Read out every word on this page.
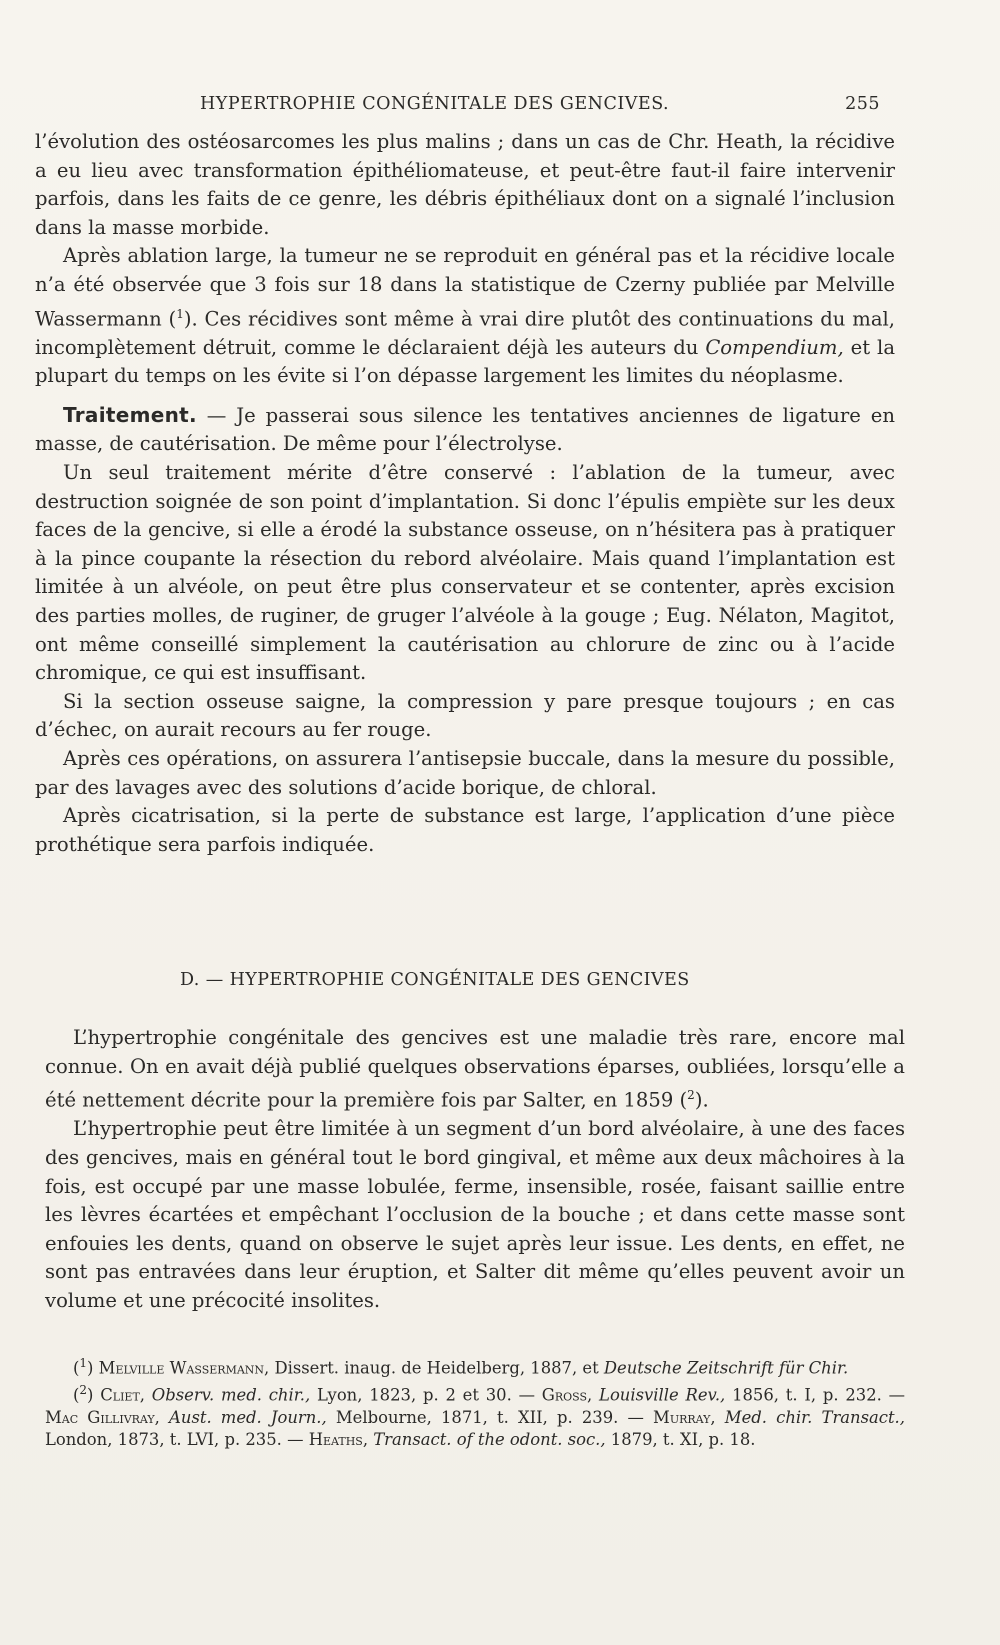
HYPERTROPHIE CONGÉNITALE DES GENCIVES.	255

l’évolution des ostéosarcomes les plus malins ; dans un cas de Chr. Heath, la récidive a eu lieu avec transformation épithéliomateuse, et peut-être faut-il faire intervenir parfois, dans les faits de ce genre, les débris épithéliaux dont on a signalé l’inclusion dans la masse morbide.

Après ablation large, la tumeur ne se reproduit en général pas et la récidive locale n’a été observée que 3 fois sur 18 dans la statistique de Czerny publiée par Melville Wassermann ($^1$). Ces récidives sont même à vrai dire plutôt des continuations du mal, incomplètement détruit, comme le déclaraient déjà les auteurs du Compendium, et la plupart du temps on les évite si l’on dépasse largement les limites du néoplasme.

Traitement. — Je passerai sous silence les tentatives anciennes de ligature en masse, de cautérisation. De même pour l’électrolyse.

Un seul traitement mérite d’être conservé : l’ablation de la tumeur, avec destruction soignée de son point d’implantation. Si donc l’épulis empiète sur les deux faces de la gencive, si elle a érodé la substance osseuse, on n’hésitera pas à pratiquer à la pince coupante la résection du rebord alvéolaire. Mais quand l’implantation est limitée à un alvéole, on peut être plus conservateur et se contenter, après excision des parties molles, de ruginer, de gruger l’alvéole à la gouge ; Eug. Nélaton, Magitot, ont même conseillé simplement la cautérisation au chlorure de zinc ou à l’acide chromique, ce qui est insuffisant.

Si la section osseuse saigne, la compression y pare presque toujours ; en cas d’échec, on aurait recours au fer rouge.

Après ces opérations, on assurera l’antisepsie buccale, dans la mesure du possible, par des lavages avec des solutions d’acide borique, de chloral.

Après cicatrisation, si la perte de substance est large, l’application d’une pièce prothétique sera parfois indiquée.

D. — HYPERTROPHIE CONGÉNITALE DES GENCIVES

L’hypertrophie congénitale des gencives est une maladie très rare, encore mal connue. On en avait déjà publié quelques observations éparses, oubliées, lorsqu’elle a été nettement décrite pour la première fois par Salter, en 1859 ($^2$).

L’hypertrophie peut être limitée à un segment d’un bord alvéolaire, à une des faces des gencives, mais en général tout le bord gingival, et même aux deux mâchoires à la fois, est occupé par une masse lobulée, ferme, insensible, rosée, faisant saillie entre les lèvres écartées et empêchant l’occlusion de la bouche ; et dans cette masse sont enfouies les dents, quand on observe le sujet après leur issue. Les dents, en effet, ne sont pas entravées dans leur éruption, et Salter dit même qu’elles peuvent avoir un volume et une précocité insolites.

($^1$) Melville Wassermann, Dissert. inaug. de Heidelberg, 1887, et Deutsche Zeitschrift für Chir.

($^2$) Cliet, Observ. med. chir., Lyon, 1823, p. 2 et 30. — Gross, Louisville Rev., 1856, t. I, p. 232. — Mac Gillivray, Aust. med. Journ., Melbourne, 1871, t. XII, p. 239. — Murray, Med. chir. Transact., London, 1873, t. LVI, p. 235. — Heaths, Transact. of the odont. soc., 1879, t. XI, p. 18.
